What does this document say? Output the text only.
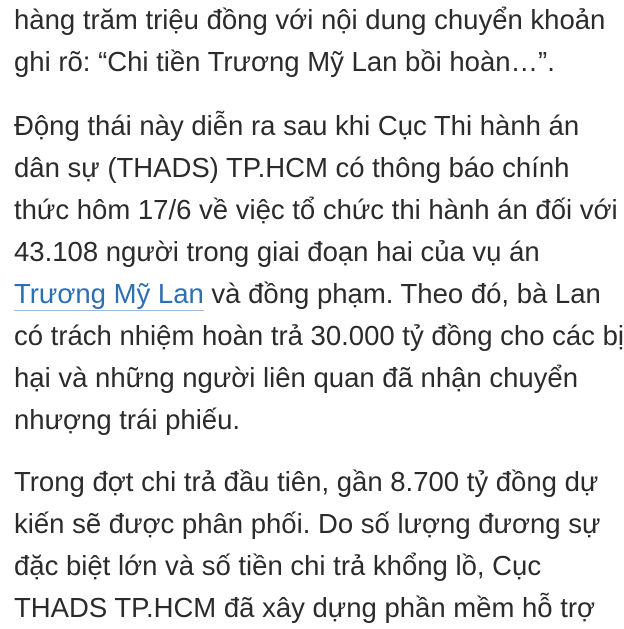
hàng trăm triệu đồng với nội dung chuyển khoản
ghi rõ: “Chi tiền Trương Mỹ Lan bồi hoàn…”.

Động thái này diễn ra sau khi Cục Thi hành án
dân sự (THADS) TP.HCM có thông báo chính
thức hôm 17/6 về việc tổ chức thi hành án đối với
43.108 người trong giai đoạn hai của vụ án
Trương Mỹ Lan và đồng phạm. Theo đó, bà Lan
có trách nhiệm hoàn trả 30.000 tỷ đồng cho các bị
hại và những người liên quan đã nhận chuyển
nhượng trái phiếu.

Trong đợt chi trả đầu tiên, gần 8.700 tỷ đồng dự
kiến sẽ được phân phối. Do số lượng đương sự
đặc biệt lớn và số tiền chi trả khổng lồ, Cục
THADS TP.HCM đã xây dựng phần mềm hỗ trợ
